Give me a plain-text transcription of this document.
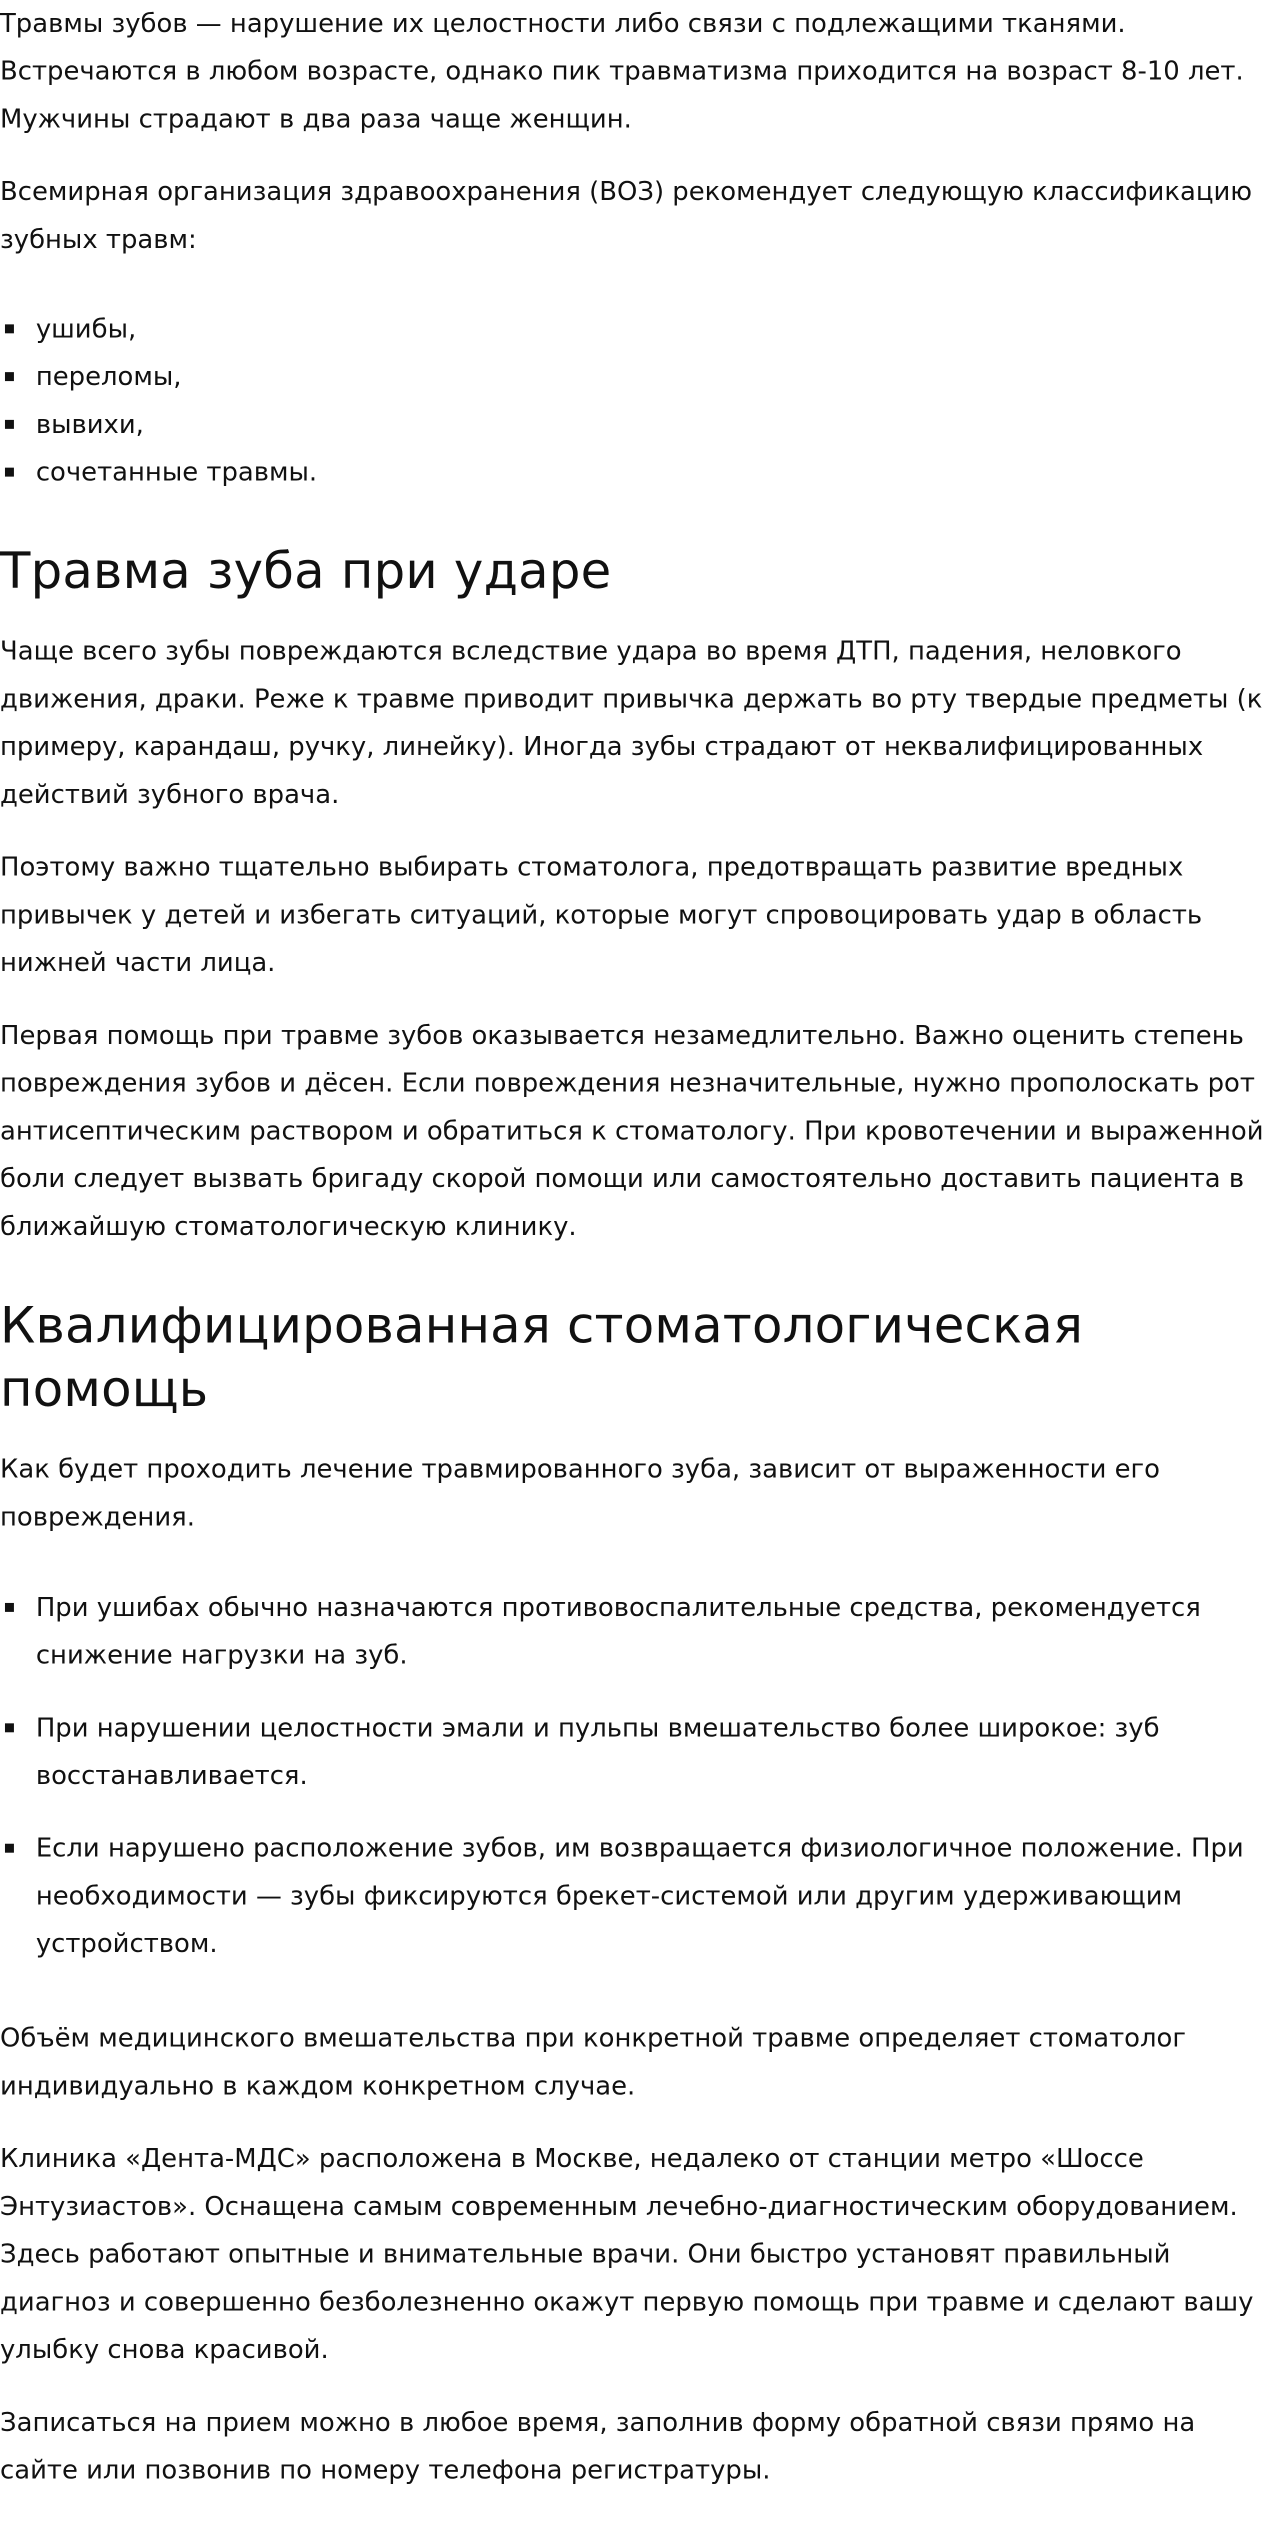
Травмы зубов — нарушение их целостности либо связи с подлежащими тканями. Встречаются в любом возрасте, однако пик травматизма приходится на возраст 8-10 лет. Мужчины страдают в два раза чаще женщин.

Всемирная организация здравоохранения (ВОЗ) рекомендует следующую классификацию зубных травм:

ушибы,
переломы,
вывихи,
сочетанные травмы.
Травма зуба при ударе

Чаще всего зубы повреждаются вследствие удара во время ДТП, падения, неловкого движения, драки. Реже к травме приводит привычка держать во рту твердые предметы (к примеру, карандаш, ручку, линейку). Иногда зубы страдают от неквалифицированных действий зубного врача.

Поэтому важно тщательно выбирать стоматолога, предотвращать развитие вредных привычек у детей и избегать ситуаций, которые могут спровоцировать удар в область нижней части лица.

Первая помощь при травме зубов оказывается незамедлительно. Важно оценить степень повреждения зубов и дёсен. Если повреждения незначительные, нужно прополоскать рот антисептическим раствором и обратиться к стоматологу. При кровотечении и выраженной боли следует вызвать бригаду скорой помощи или самостоятельно доставить пациента в ближайшую стоматологическую клинику.

Квалифицированная стоматологическая помощь

Как будет проходить лечение травмированного зуба, зависит от выраженности его повреждения.

При ушибах обычно назначаются противовоспалительные средства, рекомендуется снижение нагрузки на зуб.
При нарушении целостности эмали и пульпы вмешательство более широкое: зуб восстанавливается.
Если нарушено расположение зубов, им возвращается физиологичное положение. При необходимости — зубы фиксируются брекет-системой или другим удерживающим устройством.

Объём медицинского вмешательства при конкретной травме определяет стоматолог индивидуально в каждом конкретном случае.

Клиника «Дента-МДС» расположена в Москве, недалеко от станции метро «Шоссе Энтузиастов». Оснащена самым современным лечебно-диагностическим оборудованием. Здесь работают опытные и внимательные врачи. Они быстро установят правильный диагноз и совершенно безболезненно окажут первую помощь при травме и сделают вашу улыбку снова красивой.

Записаться на прием можно в любое время, заполнив форму обратной связи прямо на сайте или позвонив по номеру телефона регистратуры.
